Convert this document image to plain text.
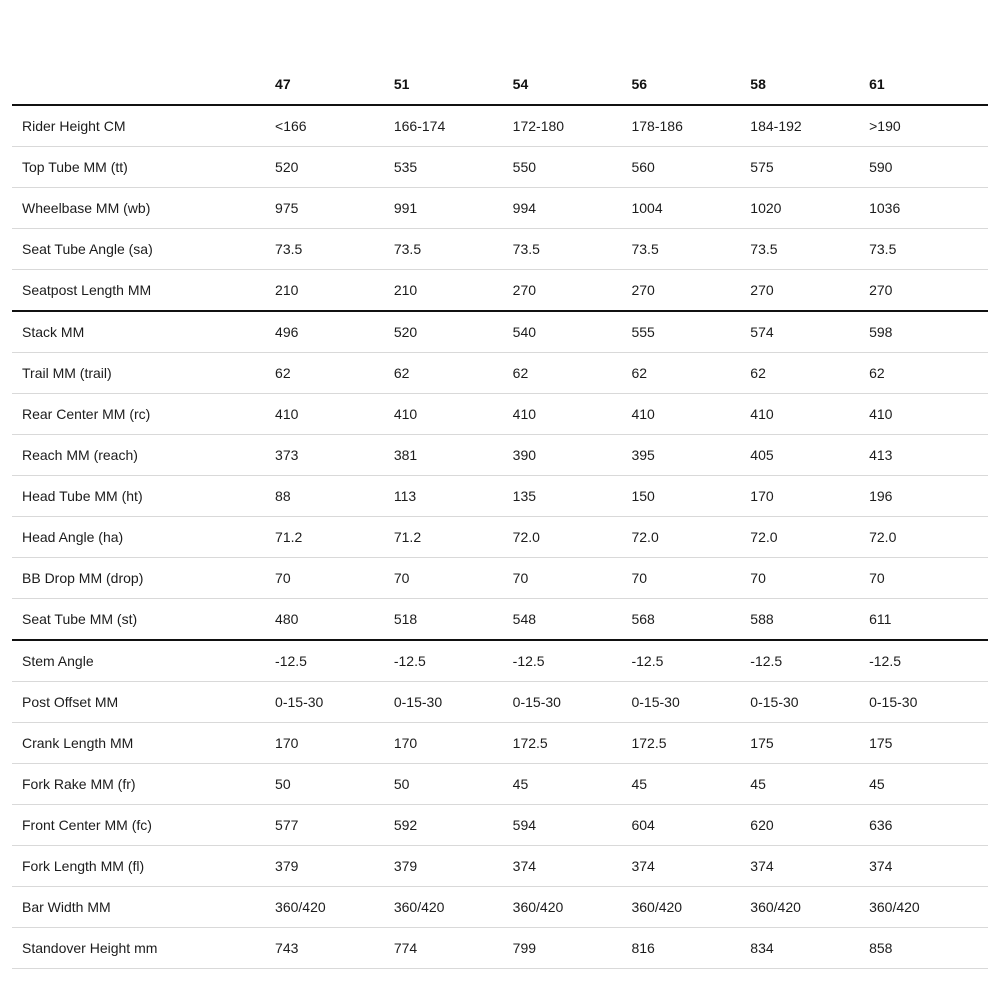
	47	51	54	56	58	61
Rider Height CM	<166	166-174	172-180	178-186	184-192	>190
Top Tube MM (tt)	520	535	550	560	575	590
Wheelbase MM (wb)	975	991	994	1004	1020	1036
Seat Tube Angle (sa)	73.5	73.5	73.5	73.5	73.5	73.5
Seatpost Length MM	210	210	270	270	270	270
Stack MM	496	520	540	555	574	598
Trail MM (trail)	62	62	62	62	62	62
Rear Center MM (rc)	410	410	410	410	410	410
Reach MM (reach)	373	381	390	395	405	413
Head Tube MM (ht)	88	113	135	150	170	196
Head Angle (ha)	71.2	71.2	72.0	72.0	72.0	72.0
BB Drop MM (drop)	70	70	70	70	70	70
Seat Tube MM (st)	480	518	548	568	588	611
Stem Angle	-12.5	-12.5	-12.5	-12.5	-12.5	-12.5
Post Offset MM	0-15-30	0-15-30	0-15-30	0-15-30	0-15-30	0-15-30
Crank Length MM	170	170	172.5	172.5	175	175
Fork Rake MM (fr)	50	50	45	45	45	45
Front Center MM (fc)	577	592	594	604	620	636
Fork Length MM (fl)	379	379	374	374	374	374
Bar Width MM	360/420	360/420	360/420	360/420	360/420	360/420
Standover Height mm	743	774	799	816	834	858
